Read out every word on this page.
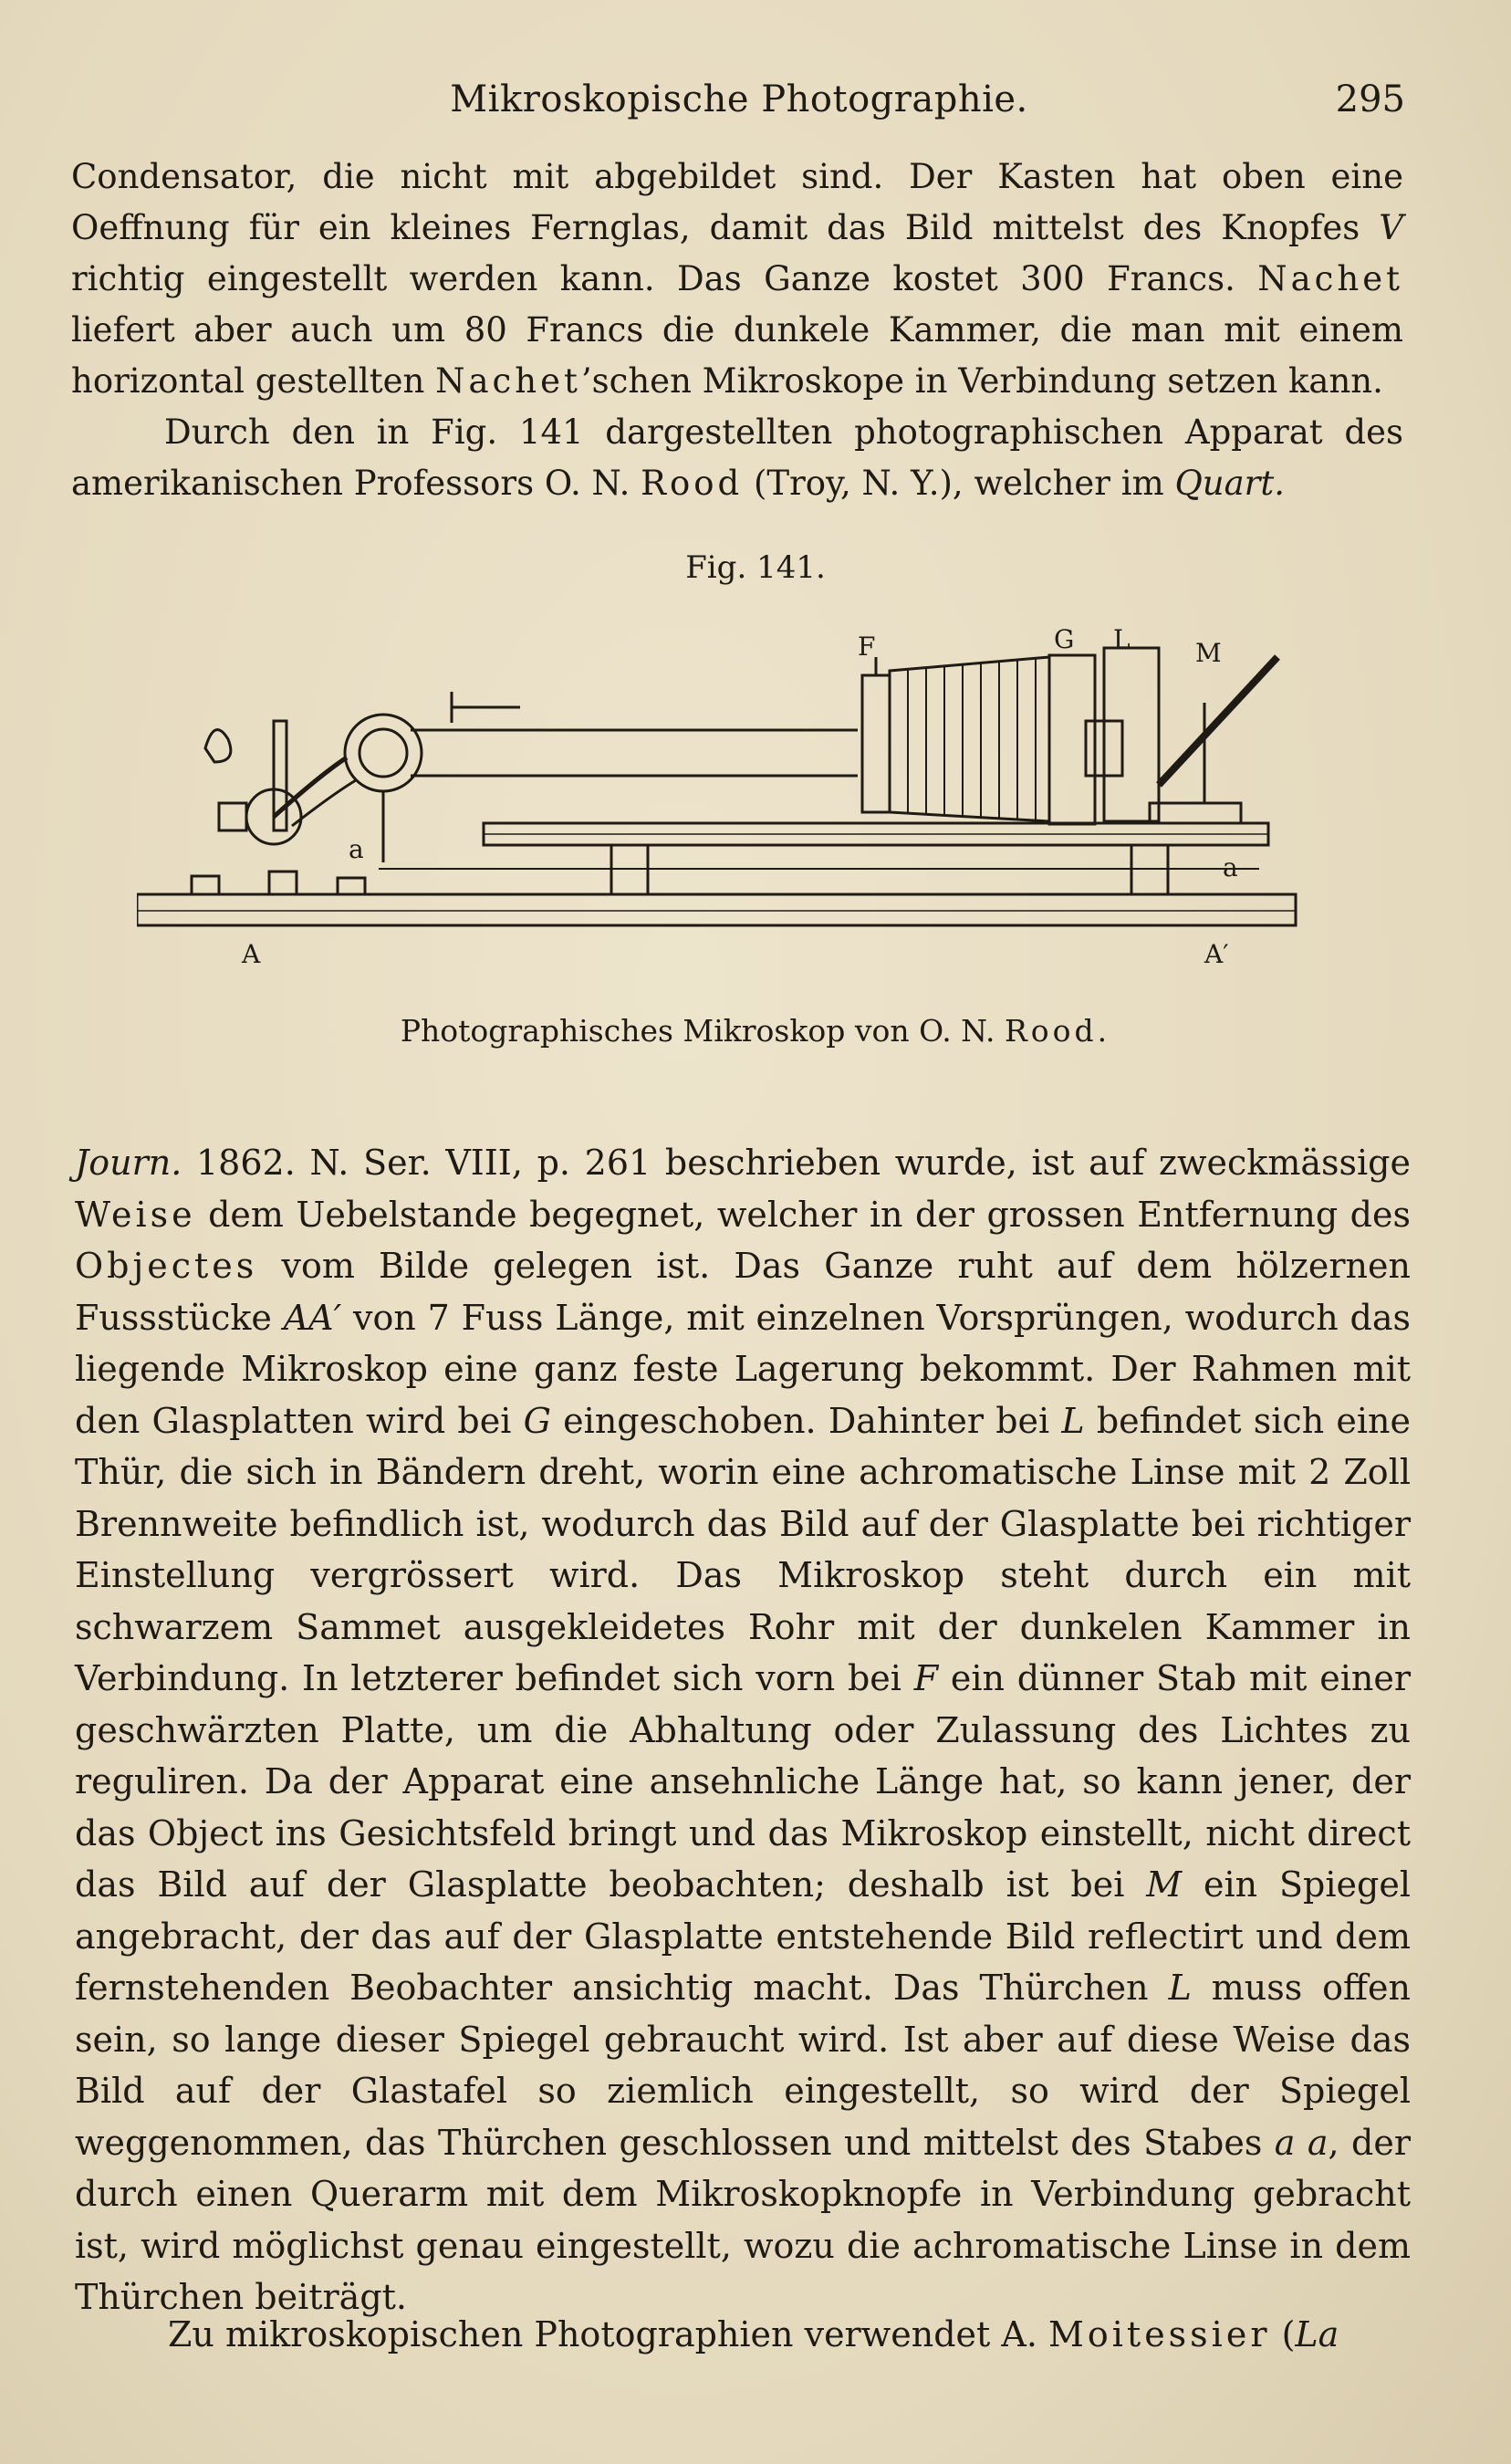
Mikroskopische Photographie.	295

Condensator, die nicht mit abgebildet sind. Der Kasten hat oben eine Oeffnung für ein kleines Fernglas, damit das Bild mittelst des Knopfes V richtig eingestellt werden kann. Das Ganze kostet 300 Francs. Nachet liefert aber auch um 80 Francs die dunkele Kammer, die man mit einem horizontal gestellten Nachet’schen Mikroskope in Verbindung setzen kann.

Durch den in Fig. 141 dargestellten photographischen Apparat des amerikanischen Professors O. N. Rood (Troy, N. Y.), welcher im Quart.

Fig. 141.
F	G L	M
a
a
A	A′
Photographisches Mikroskop von O. N. Rood.

Journ. 1862. N. Ser. VIII, p. 261 beschrieben wurde, ist auf zweckmässige Weise dem Uebelstande begegnet, welcher in der grossen Entfernung des Objectes vom Bilde gelegen ist. Das Ganze ruht auf dem hölzernen Fussstücke AA′ von 7 Fuss Länge, mit einzelnen Vorsprüngen, wodurch das liegende Mikroskop eine ganz feste Lagerung bekommt. Der Rahmen mit den Glasplatten wird bei G eingeschoben. Dahinter bei L befindet sich eine Thür, die sich in Bändern dreht, worin eine achromatische Linse mit 2 Zoll Brennweite befindlich ist, wodurch das Bild auf der Glasplatte bei richtiger Einstellung vergrössert wird. Das Mikroskop steht durch ein mit schwarzem Sammet ausgekleidetes Rohr mit der dunkelen Kammer in Verbindung. In letzterer befindet sich vorn bei F ein dünner Stab mit einer geschwärzten Platte, um die Abhaltung oder Zulassung des Lichtes zu reguliren. Da der Apparat eine ansehnliche Länge hat, so kann jener, der das Object ins Gesichtsfeld bringt und das Mikroskop einstellt, nicht direct das Bild auf der Glasplatte beobachten; deshalb ist bei M ein Spiegel angebracht, der das auf der Glasplatte entstehende Bild reflectirt und dem fernstehenden Beobachter ansichtig macht. Das Thürchen L muss offen sein, so lange dieser Spiegel gebraucht wird. Ist aber auf diese Weise das Bild auf der Glastafel so ziemlich eingestellt, so wird der Spiegel weggenommen, das Thürchen geschlossen und mittelst des Stabes a a, der durch einen Querarm mit dem Mikroskopknopfe in Verbindung gebracht ist, wird möglichst genau eingestellt, wozu die achromatische Linse in dem Thürchen beiträgt.

Zu mikroskopischen Photographien verwendet A. Moitessier (La
